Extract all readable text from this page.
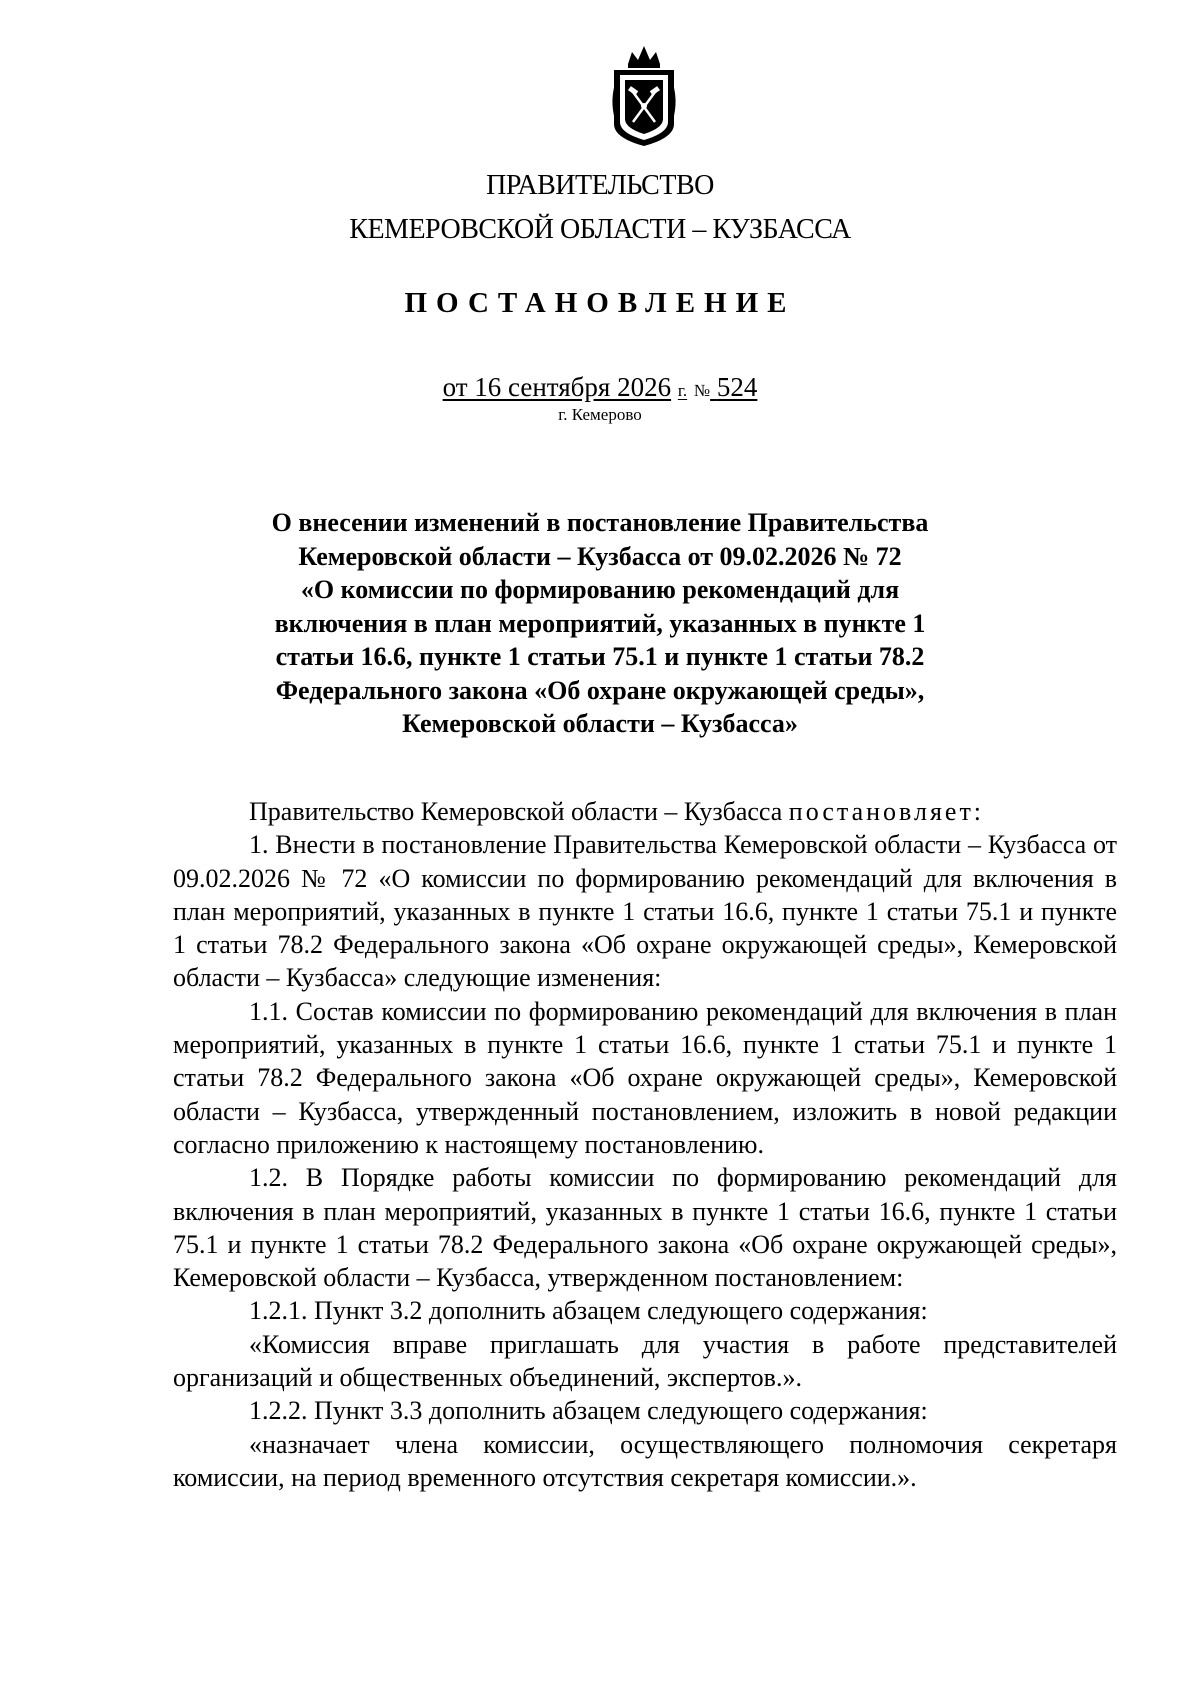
ПРАВИТЕЛЬСТВО
КЕМЕРОВСКОЙ ОБЛАСТИ – КУЗБАССА
ПОСТАНОВЛЕНИЕ
от 16 сентября 2026 г. № 524
г. Кемерово
О внесении изменений в постановление Правительства
Кемеровской области – Кузбасса от 09.02.2026 № 72
«О комиссии по формированию рекомендаций для
включения в план мероприятий, указанных в пункте 1
статьи 16.6, пункте 1 статьи 75.1 и пункте 1 статьи 78.2
Федерального закона «Об охране окружающей среды»,
Кемеровской области – Кузбасса»

Правительство Кемеровской области – Кузбасса постановляет:

1. Внести в постановление Правительства Кемеровской области – Кузбасса от 09.02.2026 № 72 «О комиссии по формированию рекомендаций для включения в план мероприятий, указанных в пункте 1 статьи 16.6, пункте 1 статьи 75.1 и пункте 1 статьи 78.2 Федерального закона «Об охране окружающей среды», Кемеровской области – Кузбасса» следующие изменения:

1.1. Состав комиссии по формированию рекомендаций для включения в план мероприятий, указанных в пункте 1 статьи 16.6, пункте 1 статьи 75.1 и пункте 1 статьи 78.2 Федерального закона «Об охране окружающей среды», Кемеровской области – Кузбасса, утвержденный постановлением, изложить в новой редакции согласно приложению к настоящему постановлению.

1.2. В Порядке работы комиссии по формированию рекомендаций для включения в план мероприятий, указанных в пункте 1 статьи 16.6, пункте 1 статьи 75.1 и пункте 1 статьи 78.2 Федерального закона «Об охране окружающей среды», Кемеровской области – Кузбасса, утвержденном постановлением:

1.2.1. Пункт 3.2 дополнить абзацем следующего содержания:

«Комиссия вправе приглашать для участия в работе представителей организаций и общественных объединений, экспертов.».

1.2.2. Пункт 3.3 дополнить абзацем следующего содержания:

«назначает члена комиссии, осуществляющего полномочия секретаря комиссии, на период временного отсутствия секретаря комиссии.».
